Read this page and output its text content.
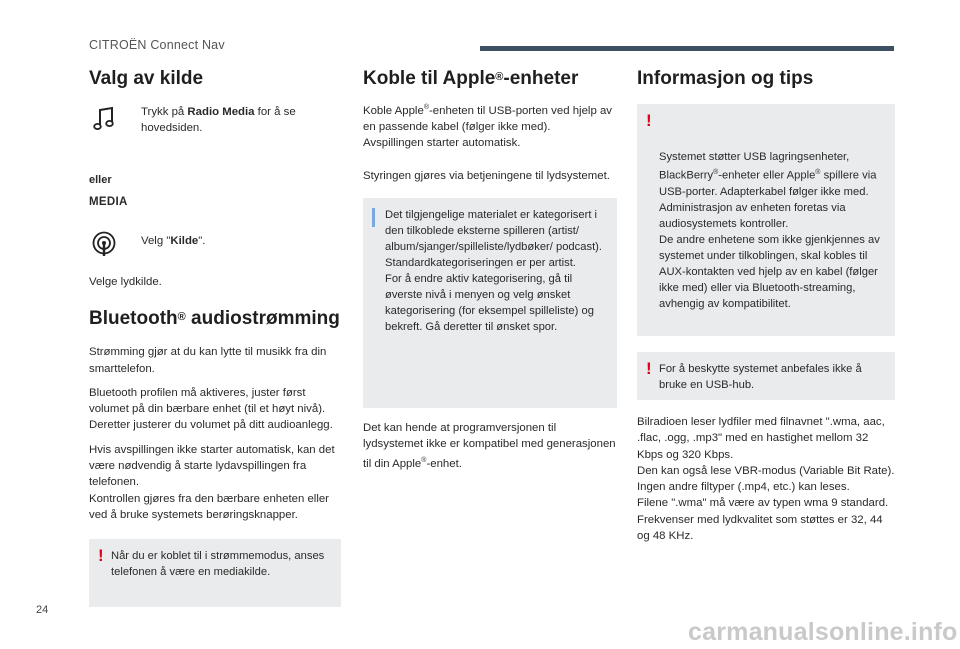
CITROËN Connect Nav
Valg av kilde

Trykk på Radio Media for å se hovedsiden.

eller
MEDIA

Velg "Kilde".

Velge lydkilde.

Bluetooth® audiostrømming

Strømming gjør at du kan lytte til musikk fra din smarttelefon.

Bluetooth profilen må aktiveres, juster først volumet på din bærbare enhet (til et høyt nivå).
Deretter justerer du volumet på ditt audioanlegg.

Hvis avspillingen ikke starter automatisk, kan det være nødvendig å starte lydavspillingen fra telefonen.
Kontrollen gjøres fra den bærbare enheten eller ved å bruke systemets berøringsknapper.

! Når du er koblet til i strømmemodus, anses telefonen å være en mediakilde.

Koble til Apple®-enheter

Koble Apple®-enheten til USB-porten ved hjelp av en passende kabel (følger ikke med).
Avspillingen starter automatisk.

Styringen gjøres via betjeningene til lydsystemet.

Det tilgjengelige materialet er kategorisert i den tilkoblede eksterne spilleren (artist/ album/sjanger/spilleliste/lydbøker/ podcast).
Standardkategoriseringen er per artist.
For å endre aktiv kategorisering, gå til øverste nivå i menyen og velg ønsket kategorisering (for eksempel spilleliste) og bekreft. Gå deretter til ønsket spor.

Det kan hende at programversjonen til lydsystemet ikke er kompatibel med generasjonen til din Apple®-enhet.

Informasjon og tips

!

Systemet støtter USB lagringsenheter, BlackBerry®-enheter eller Apple® spillere via USB-porter. Adapterkabel følger ikke med.
Administrasjon av enheten foretas via audiosystemets kontroller.
De andre enhetene som ikke gjenkjennes av systemet under tilkoblingen, skal kobles til AUX-kontakten ved hjelp av en kabel (følger ikke med) eller via Bluetooth-streaming, avhengig av kompatibilitet.

! For å beskytte systemet anbefales ikke å bruke en USB-hub.

Bilradioen leser lydfiler med filnavnet ".wma, aac, .flac, .ogg, .mp3" med en hastighet mellom 32 Kbps og 320 Kbps.
Den kan også lese VBR-modus (Variable Bit Rate).
Ingen andre filtyper (.mp4, etc.) kan leses.
Filene ".wma" må være av typen wma 9 standard.
Frekvenser med lydkvalitet som støttes er 32, 44 og 48 KHz.

24
carmanualsonline.info
